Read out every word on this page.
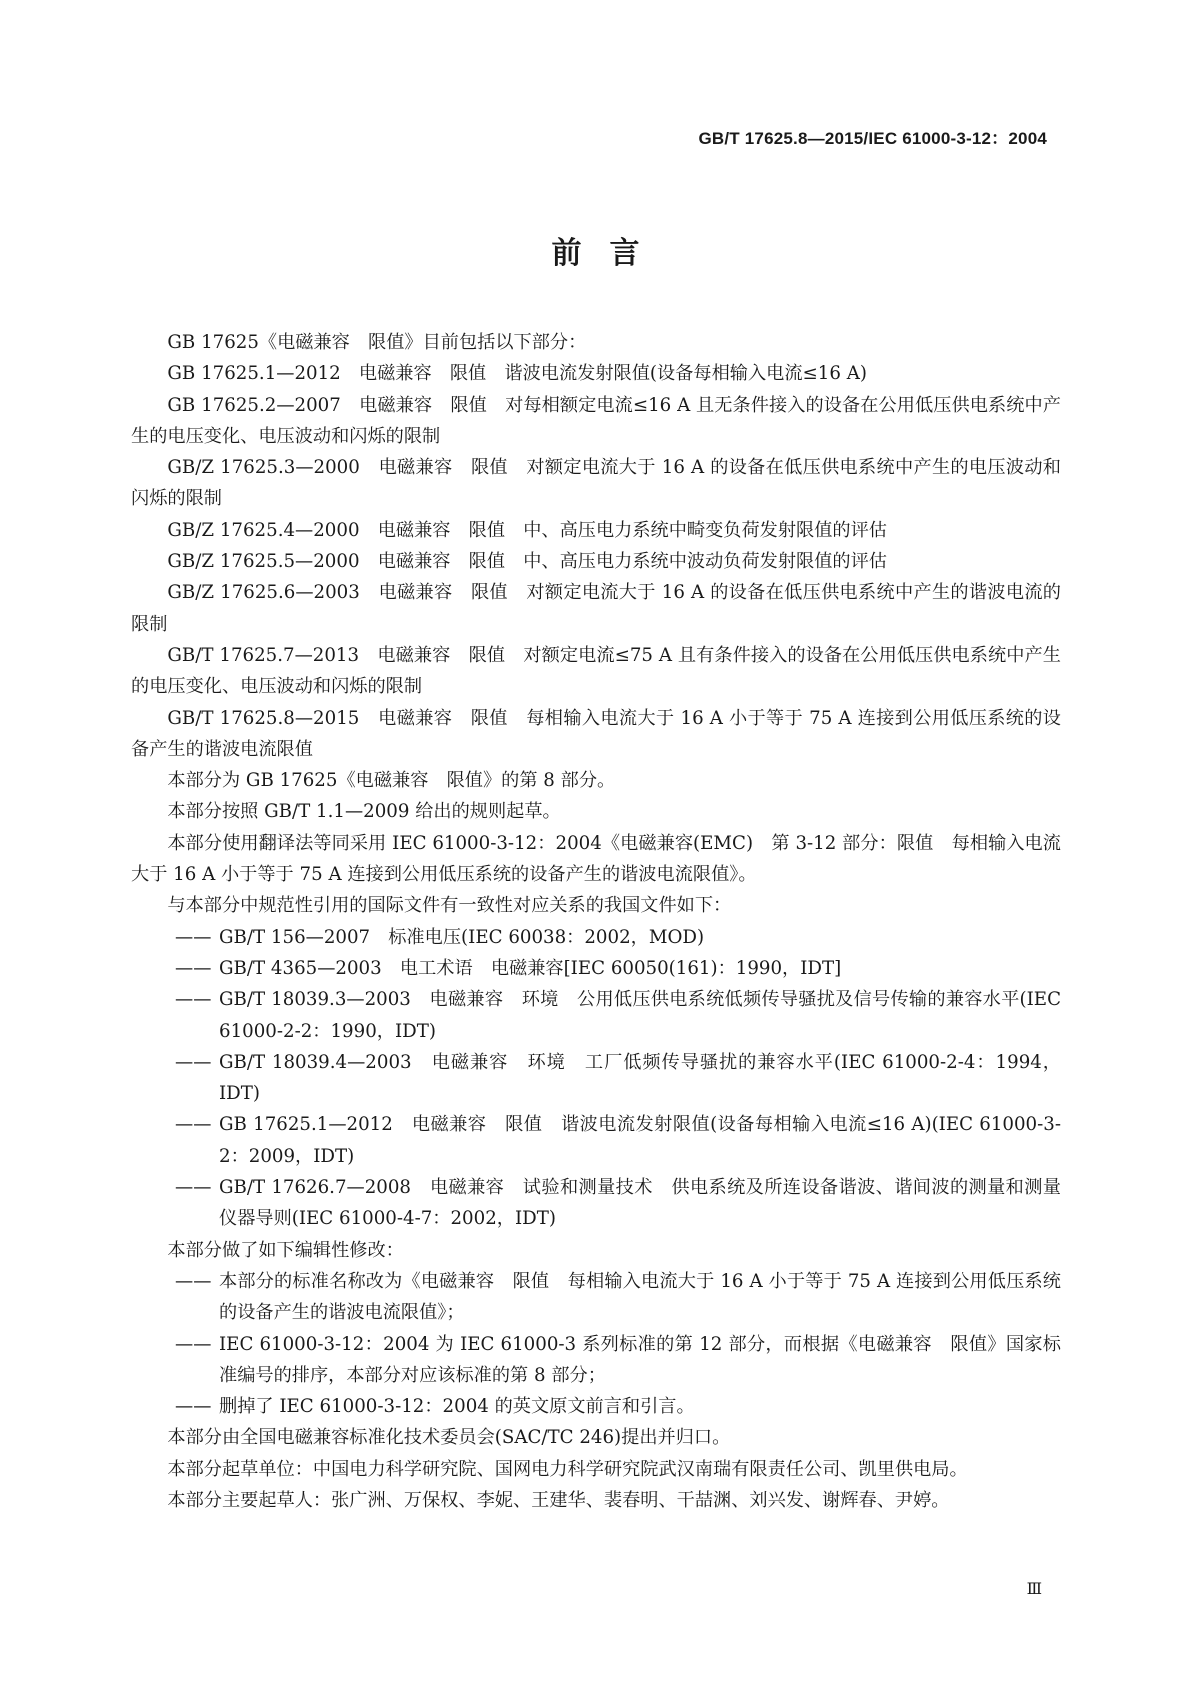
GB/T 17625.8—2015/IEC 61000-3-12：2004
前言

GB 17625《电磁兼容　限值》目前包括以下部分：

GB 17625.1—2012　电磁兼容　限值　谐波电流发射限值(设备每相输入电流≤16 A)

GB 17625.2—2007　电磁兼容　限值　对每相额定电流≤16 A 且无条件接入的设备在公用低压供电系统中产生的电压变化、电压波动和闪烁的限制

GB/Z 17625.3—2000　电磁兼容　限值　对额定电流大于 16 A 的设备在低压供电系统中产生的电压波动和闪烁的限制

GB/Z 17625.4—2000　电磁兼容　限值　中、高压电力系统中畸变负荷发射限值的评估

GB/Z 17625.5—2000　电磁兼容　限值　中、高压电力系统中波动负荷发射限值的评估

GB/Z 17625.6—2003　电磁兼容　限值　对额定电流大于 16 A 的设备在低压供电系统中产生的谐波电流的限制

GB/T 17625.7—2013　电磁兼容　限值　对额定电流≤75 A 且有条件接入的设备在公用低压供电系统中产生的电压变化、电压波动和闪烁的限制

GB/T 17625.8—2015　电磁兼容　限值　每相输入电流大于 16 A 小于等于 75 A 连接到公用低压系统的设备产生的谐波电流限值

本部分为 GB 17625《电磁兼容　限值》的第 8 部分。

本部分按照 GB/T 1.1—2009 给出的规则起草。

本部分使用翻译法等同采用 IEC 61000-3-12：2004《电磁兼容(EMC)　第 3-12 部分：限值　每相输入电流大于 16 A 小于等于 75 A 连接到公用低压系统的设备产生的谐波电流限值》。

与本部分中规范性引用的国际文件有一致性对应关系的我国文件如下：

—— GB/T 156—2007　标准电压(IEC 60038：2002，MOD)
—— GB/T 4365—2003　电工术语　电磁兼容[IEC 60050(161)：1990，IDT]
—— GB/T 18039.3—2003　电磁兼容　环境　公用低压供电系统低频传导骚扰及信号传输的兼容水平(IEC 61000-2-2：1990，IDT)
—— GB/T 18039.4—2003　电磁兼容　环境　工厂低频传导骚扰的兼容水平(IEC 61000-2-4：1994，IDT)
—— GB 17625.1—2012　电磁兼容　限值　谐波电流发射限值(设备每相输入电流≤16 A)(IEC 61000-3-2：2009，IDT)
—— GB/T 17626.7—2008　电磁兼容　试验和测量技术　供电系统及所连设备谐波、谐间波的测量和测量仪器导则(IEC 61000-4-7：2002，IDT)

本部分做了如下编辑性修改：

—— 本部分的标准名称改为《电磁兼容　限值　每相输入电流大于 16 A 小于等于 75 A 连接到公用低压系统的设备产生的谐波电流限值》；
—— IEC 61000-3-12：2004 为 IEC 61000-3 系列标准的第 12 部分，而根据《电磁兼容　限值》国家标准编号的排序，本部分对应该标准的第 8 部分；
—— 删掉了 IEC 61000-3-12：2004 的英文原文前言和引言。

本部分由全国电磁兼容标准化技术委员会(SAC/TC 246)提出并归口。

本部分起草单位：中国电力科学研究院、国网电力科学研究院武汉南瑞有限责任公司、凯里供电局。

本部分主要起草人：张广洲、万保权、李妮、王建华、裴春明、干喆渊、刘兴发、谢辉春、尹婷。

Ⅲ
